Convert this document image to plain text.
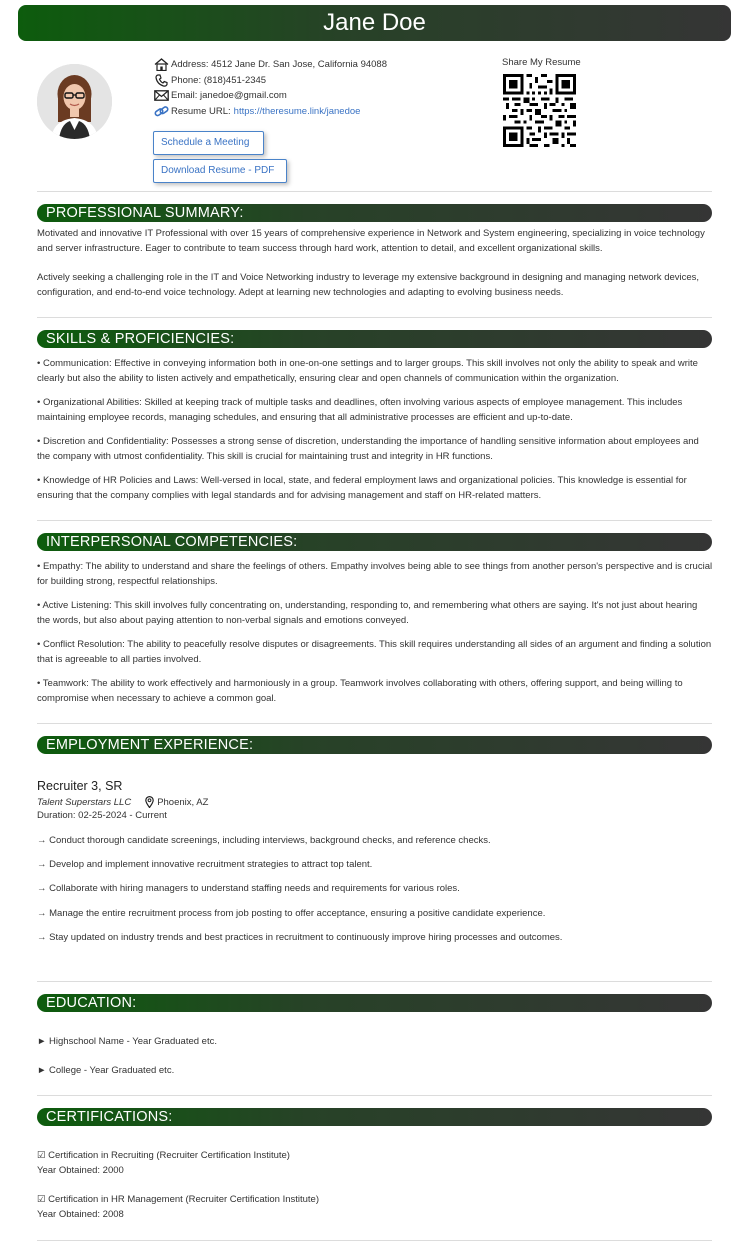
Jane Doe
Address: 4512 Jane Dr. San Jose, California 94088
Phone: (818)451-2345
Email: janedoe@gmail.com
Resume URL: https://theresume.link/janedoe
Schedule a Meeting
Download Resume - PDF
Share My Resume
PROFESSIONAL SUMMARY:
Motivated and innovative IT Professional with over 15 years of comprehensive experience in Network and System engineering, specializing in voice technology and server infrastructure. Eager to contribute to team success through hard work, attention to detail, and excellent organizational skills.
Actively seeking a challenging role in the IT and Voice Networking industry to leverage my extensive background in designing and managing network devices, configuration, and end-to-end voice technology. Adept at learning new technologies and adapting to evolving business needs.
SKILLS & PROFICIENCIES:
• Communication: Effective in conveying information both in one-on-one settings and to larger groups. This skill involves not only the ability to speak and write clearly but also the ability to listen actively and empathetically, ensuring clear and open channels of communication within the organization.
• Organizational Abilities: Skilled at keeping track of multiple tasks and deadlines, often involving various aspects of employee management. This includes maintaining employee records, managing schedules, and ensuring that all administrative processes are efficient and up-to-date.
• Discretion and Confidentiality: Possesses a strong sense of discretion, understanding the importance of handling sensitive information about employees and the company with utmost confidentiality. This skill is crucial for maintaining trust and integrity in HR functions.
• Knowledge of HR Policies and Laws: Well-versed in local, state, and federal employment laws and organizational policies. This knowledge is essential for ensuring that the company complies with legal standards and for advising management and staff on HR-related matters.
INTERPERSONAL COMPETENCIES:
• Empathy: The ability to understand and share the feelings of others. Empathy involves being able to see things from another person's perspective and is crucial for building strong, respectful relationships.
• Active Listening: This skill involves fully concentrating on, understanding, responding to, and remembering what others are saying. It's not just about hearing the words, but also about paying attention to non-verbal signals and emotions conveyed.
• Conflict Resolution: The ability to peacefully resolve disputes or disagreements. This skill requires understanding all sides of an argument and finding a solution that is agreeable to all parties involved.
• Teamwork: The ability to work effectively and harmoniously in a group. Teamwork involves collaborating with others, offering support, and being willing to compromise when necessary to achieve a common goal.
EMPLOYMENT EXPERIENCE:
Recruiter 3, SR
Talent Superstars LLC	Phoenix, AZ
Duration: 02-25-2024 - Current
→ Conduct thorough candidate screenings, including interviews, background checks, and reference checks.
→ Develop and implement innovative recruitment strategies to attract top talent.
→ Collaborate with hiring managers to understand staffing needs and requirements for various roles.
→ Manage the entire recruitment process from job posting to offer acceptance, ensuring a positive candidate experience.
→ Stay updated on industry trends and best practices in recruitment to continuously improve hiring processes and outcomes.
EDUCATION:
► Highschool Name - Year Graduated etc.
► College - Year Graduated etc.
CERTIFICATIONS:
☑ Certification in Recruiting (Recruiter Certification Institute)
Year Obtained: 2000
☑ Certification in HR Management (Recruiter Certification Institute)
Year Obtained: 2008
